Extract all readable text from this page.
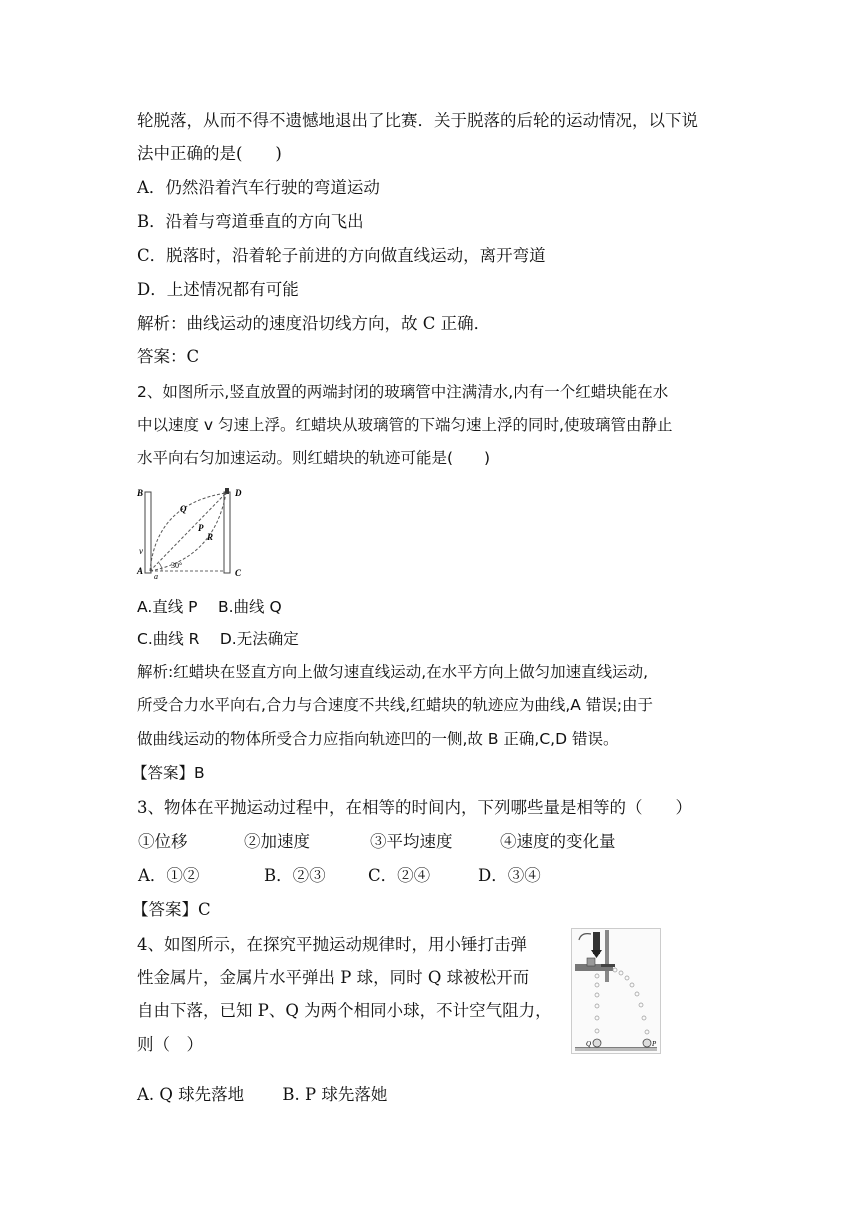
轮脱落，从而不得不遗憾地退出了比赛．关于脱落的后轮的运动情况，以下说
法中正确的是(　　)
A．仍然沿着汽车行驶的弯道运动
B．沿着与弯道垂直的方向飞出
C．脱落时，沿着轮子前进的方向做直线运动，离开弯道
D．上述情况都有可能
解析：曲线运动的速度沿切线方向，故 C 正确．
答案：C
2、如图所示,竖直放置的两端封闭的玻璃管中注满清水,内有一个红蜡块能在水
中以速度 v 匀速上浮。红蜡块从玻璃管的下端匀速上浮的同时,使玻璃管由静止
水平向右匀加速运动。则红蜡块的轨迹可能是(　　)
B	D
Q
P
R
v
A
a
30°
C
A.直线 P　 B.曲线 Q
C.曲线 R　 D.无法确定
解析:红蜡块在竖直方向上做匀速直线运动,在水平方向上做匀加速直线运动,
所受合力水平向右,合力与合速度不共线,红蜡块的轨迹应为曲线,A 错误;由于
做曲线运动的物体所受合力应指向轨迹凹的一侧,故 B 正确,C,D 错误。
【答案】B
3、物体在平抛运动过程中，在相等的时间内，下列哪些量是相等的（　　）
①位移	②加速度	③平均速度	④速度的变化量
A．①②	B．②③	C．②④	D．③④
【答案】C
4、如图所示，在探究平抛运动规律时，用小锤打击弹
性金属片，金属片水平弹出 P 球，同时 Q 球被松开而
自由下落，已知 P、Q 为两个相同小球，不计空气阻力，
则（　）	Q	P
A. Q 球先落地　　 B. P 球先落她
